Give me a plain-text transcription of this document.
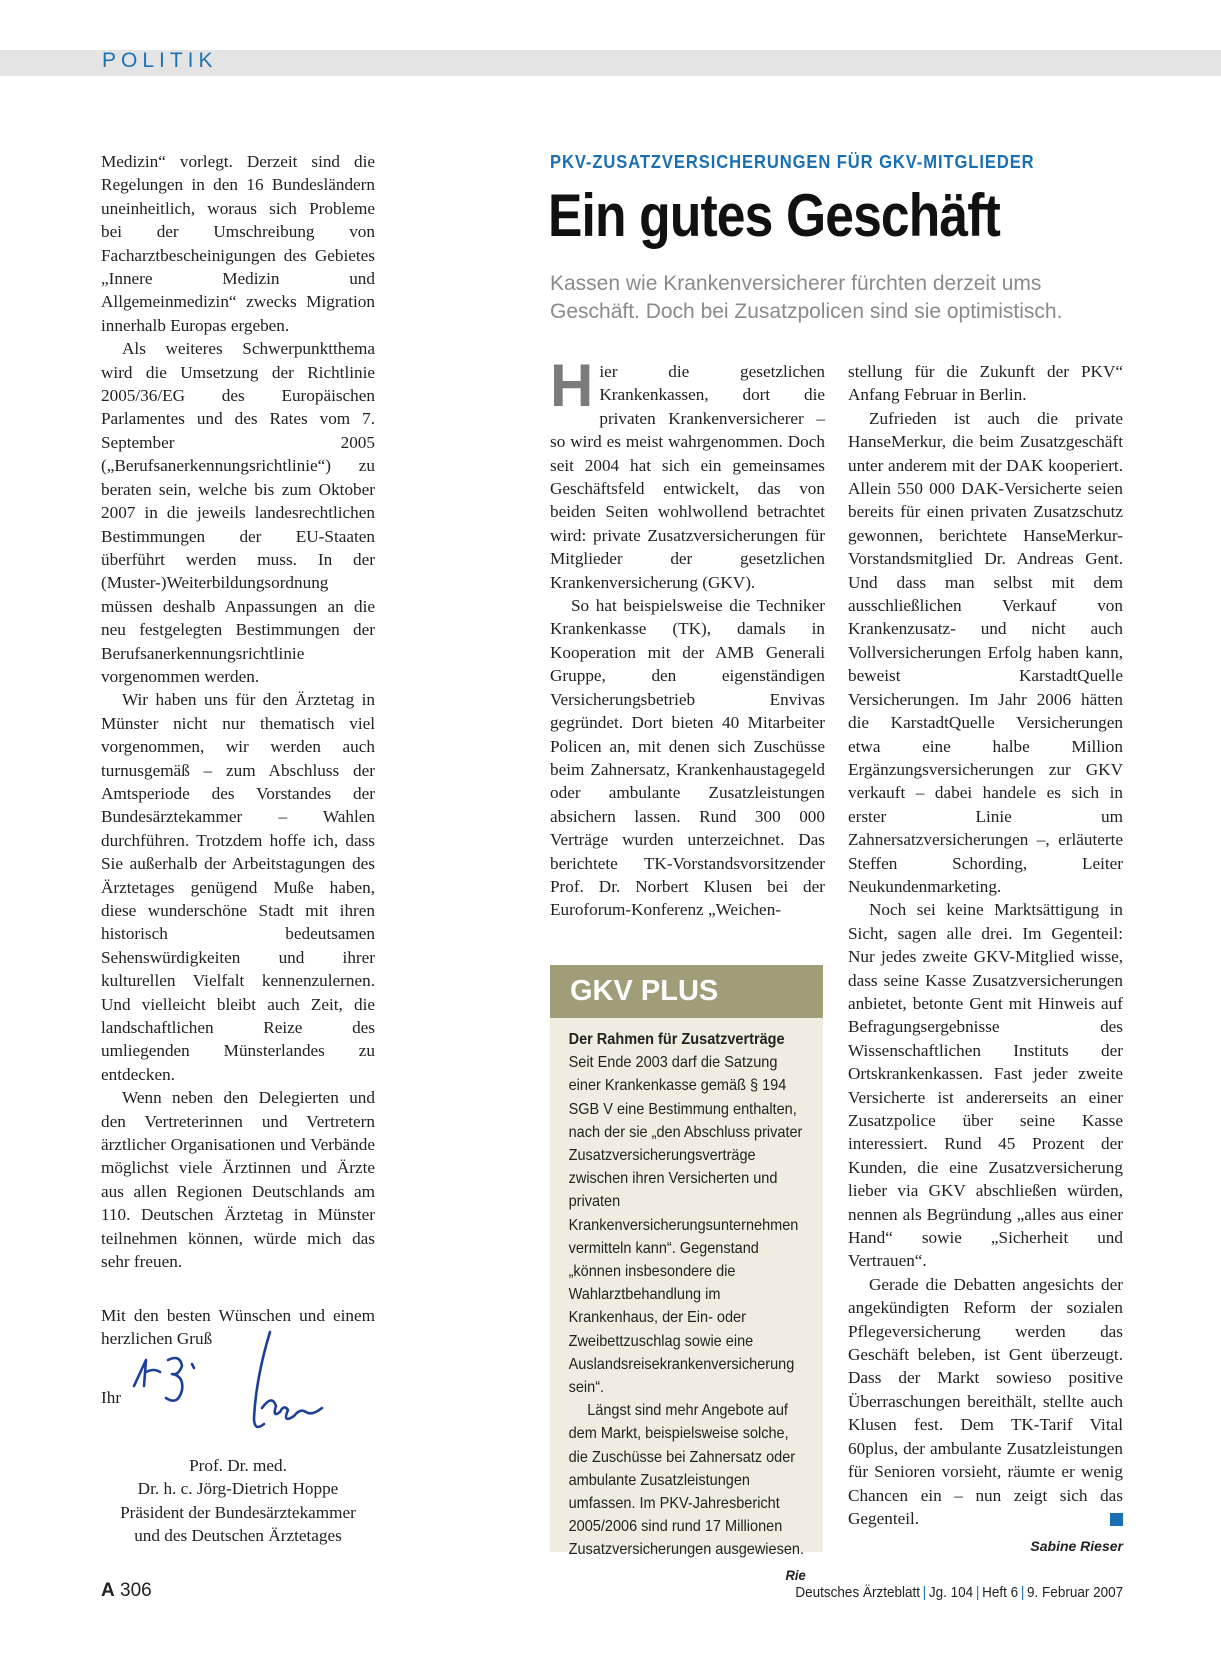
POLITIK

Medizin“ vorlegt. Derzeit sind die Regelungen in den 16 Bundesländern uneinheitlich, woraus sich Probleme bei der Umschreibung von Facharztbescheinigungen des Gebietes „Innere Medizin und Allgemeinmedizin“ zwecks Migration innerhalb Europas ergeben.

Als weiteres Schwerpunktthema wird die Umsetzung der Richtlinie 2005/36/EG des Europäischen Parlamentes und des Rates vom 7. September 2005 („Berufsanerkennungsrichtlinie“) zu beraten sein, welche bis zum Oktober 2007 in die jeweils landesrechtlichen Bestimmungen der EU-Staaten überführt werden muss. In der (Muster-)Weiterbildungsordnung müssen deshalb Anpassungen an die neu festgelegten Bestimmungen der Berufsanerkennungsrichtlinie vorgenommen werden.

Wir haben uns für den Ärztetag in Münster nicht nur thematisch viel vorgenommen, wir werden auch turnusgemäß – zum Abschluss der Amtsperiode des Vorstandes der Bundesärztekammer – Wahlen durchführen. Trotzdem hoffe ich, dass Sie außerhalb der Arbeitstagungen des Ärztetages genügend Muße haben, diese wunderschöne Stadt mit ihren historisch bedeutsamen Sehenswürdigkeiten und ihrer kulturellen Vielfalt kennenzulernen. Und vielleicht bleibt auch Zeit, die landschaftlichen Reize des umliegenden Münsterlandes zu entdecken.

Wenn neben den Delegierten und den Vertreterinnen und Vertretern ärztlicher Organisationen und Verbände möglichst viele Ärztinnen und Ärzte aus allen Regionen Deutschlands am 110. Deutschen Ärztetag in Münster teilnehmen können, würde mich das sehr freuen.

Mit den besten Wünschen und einem herzlichen Gruß

Ihr

Prof. Dr. med.
Dr. h. c. Jörg-Dietrich Hoppe
Präsident der Bundesärztekammer
und des Deutschen Ärztetages
PKV-ZUSATZVERSICHERUNGEN FÜR GKV-MITGLIEDER
Ein gutes Geschäft
Kassen wie Krankenversicherer fürchten derzeit ums Geschäft. Doch bei Zusatzpolicen sind sie optimistisch.

Hier die gesetzlichen Krankenkassen, dort die privaten Krankenversicherer – so wird es meist wahrgenommen. Doch seit 2004 hat sich ein gemeinsames Geschäftsfeld entwickelt, das von beiden Seiten wohlwollend betrachtet wird: private Zusatzversicherungen für Mitglieder der gesetzlichen Krankenversicherung (GKV).

So hat beispielsweise die Techniker Krankenkasse (TK), damals in Kooperation mit der AMB Generali Gruppe, den eigenständigen Versicherungsbetrieb Envivas gegründet. Dort bieten 40 Mitarbeiter Policen an, mit denen sich Zuschüsse beim Zahnersatz, Krankenhaustagegeld oder ambulante Zusatzleistungen absichern lassen. Rund 300 000 Verträge wurden unterzeichnet. Das berichtete TK-Vorstandsvorsitzender Prof. Dr. Norbert Klusen bei der Euroforum-Konferenz „Weichen-

GKV PLUS

Der Rahmen für Zusatzverträge

Seit Ende 2003 darf die Satzung einer Krankenkasse gemäß § 194 SGB V eine Bestimmung enthalten, nach der sie „den Abschluss privater Zusatzversicherungsverträge zwischen ihren Versicherten und privaten Krankenversicherungsunternehmen vermitteln kann“. Gegenstand „können insbesondere die Wahlarztbehandlung im Krankenhaus, der Ein- oder Zweibettzuschlag sowie eine Auslandsreisekrankenversicherung sein“.

Längst sind mehr Angebote auf dem Markt, beispielsweise solche, die Zuschüsse bei Zahnersatz oder ambulante Zusatzleistungen umfassen. Im PKV-Jahresbericht 2005/2006 sind rund 17 Millionen Zusatzversicherungen ausgewiesen.
Rie

stellung für die Zukunft der PKV“ Anfang Februar in Berlin.

Zufrieden ist auch die private HanseMerkur, die beim Zusatzgeschäft unter anderem mit der DAK kooperiert. Allein 550 000 DAK-Versicherte seien bereits für einen privaten Zusatzschutz gewonnen, berichtete HanseMerkur-Vorstandsmitglied Dr. Andreas Gent. Und dass man selbst mit dem ausschließlichen Verkauf von Krankenzusatz- und nicht auch Vollversicherungen Erfolg haben kann, beweist KarstadtQuelle Versicherungen. Im Jahr 2006 hätten die KarstadtQuelle Versicherungen etwa eine halbe Million Ergänzungsversicherungen zur GKV verkauft – dabei handele es sich in erster Linie um Zahnersatzversicherungen –, erläuterte Steffen Schording, Leiter Neukundenmarketing.

Noch sei keine Marktsättigung in Sicht, sagen alle drei. Im Gegenteil: Nur jedes zweite GKV-Mitglied wisse, dass seine Kasse Zusatzversicherungen anbietet, betonte Gent mit Hinweis auf Befragungsergebnisse des Wissenschaftlichen Instituts der Ortskrankenkassen. Fast jeder zweite Versicherte ist andererseits an einer Zusatzpolice über seine Kasse interessiert. Rund 45 Prozent der Kunden, die eine Zusatzversicherung lieber via GKV abschließen würden, nennen als Begründung „alles aus einer Hand“ sowie „Sicherheit und Vertrauen“.

Gerade die Debatten angesichts der angekündigten Reform der sozialen Pflegeversicherung werden das Geschäft beleben, ist Gent überzeugt. Dass der Markt sowieso positive Überraschungen bereithält, stellte auch Klusen fest. Dem TK-Tarif Vital 60plus, der ambulante Zusatzleistungen für Senioren vorsieht, räumte er wenig Chancen ein – nun zeigt sich das Gegenteil.

Sabine Rieser
A 306	Deutsches Ärzteblatt | Jg. 104 | Heft 6 | 9. Februar 2007
